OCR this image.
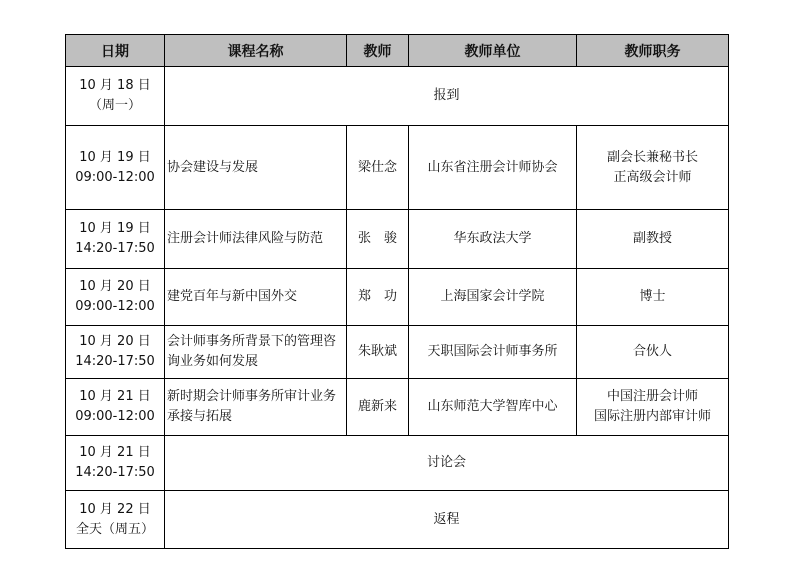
日期	课程名称	教师	教师单位	教师职务

10 月 18 日
（周一）	报到			

10 月 19 日
09:00-12:00	协会建设与发展	梁仕念	山东省注册会计师协会	副会长兼秘书长
正高级会计师

10 月 19 日
14:20-17:50	注册会计师法律风险与防范	张　骏	华东政法大学	副教授

10 月 20 日
09:00-12:00	建党百年与新中国外交	郑　功	上海国家会计学院	博士

10 月 20 日
14:20-17:50	会计师事务所背景下的管理咨询业务如何发展	朱耿斌	天职国际会计师事务所	合伙人

10 月 21 日
09:00-12:00	新时期会计师事务所审计业务承接与拓展	鹿新来	山东师范大学智库中心	中国注册会计师
国际注册内部审计师

10 月 21 日
14:20-17:50	讨论会			

10 月 22 日
全天（周五）	返程			
